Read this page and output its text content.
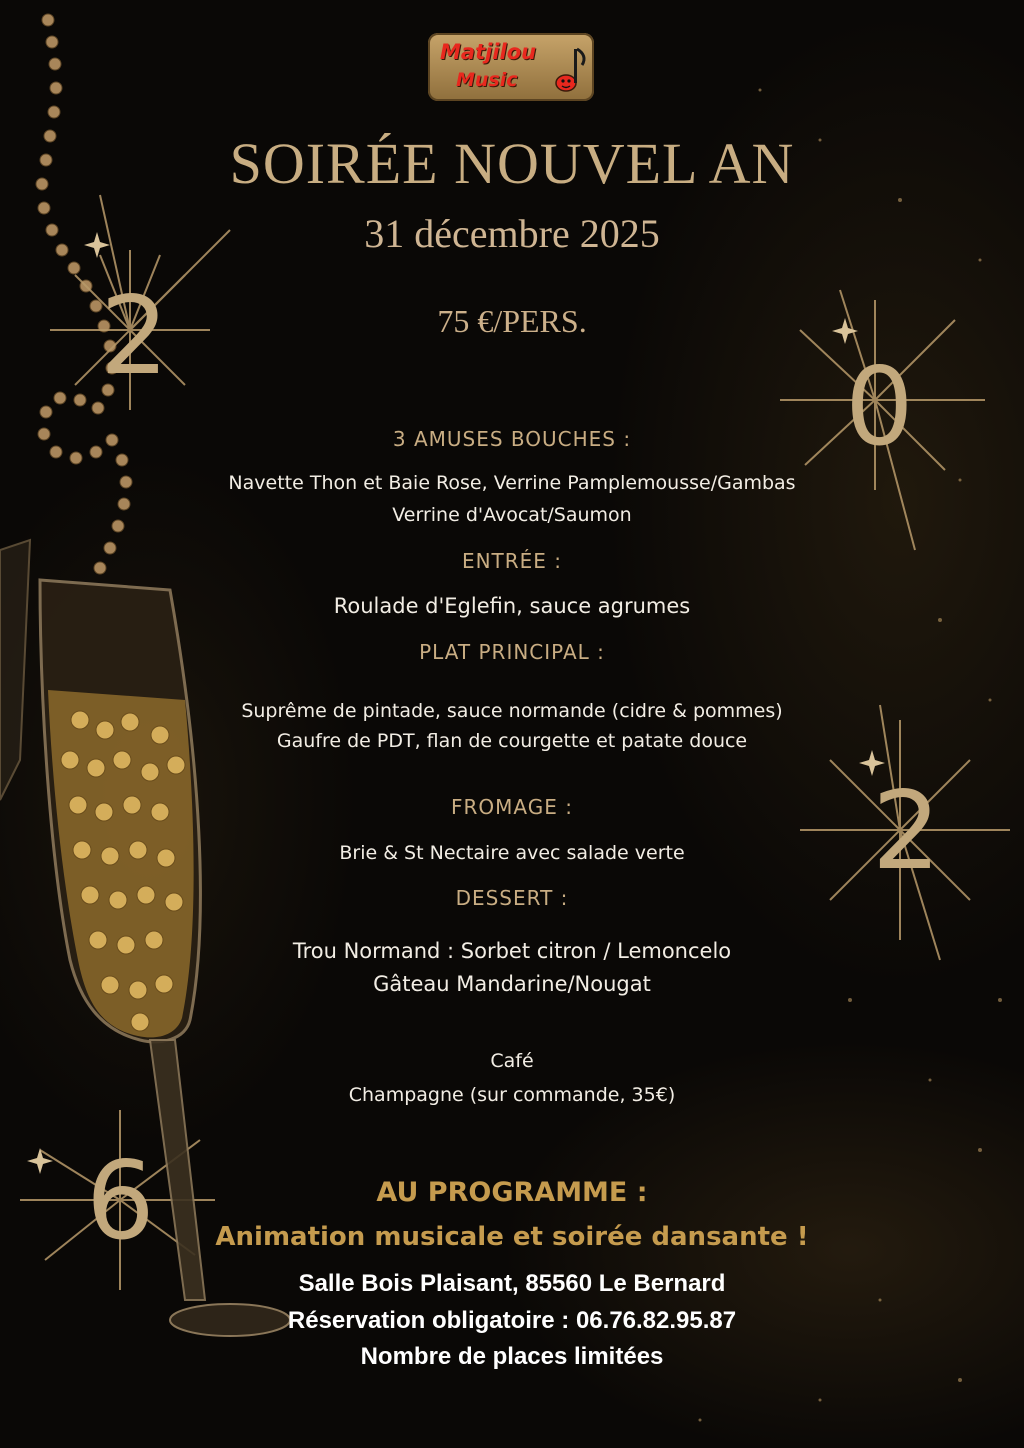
Matjilou
Music
SOIRÉE NOUVEL AN
31 décembre 2025
75 €/PERS.
2
0
2
6
3 AMUSES BOUCHES :
Navette Thon et Baie Rose, Verrine Pamplemousse/Gambas
Verrine d'Avocat/Saumon
ENTRÉE :
Roulade d'Eglefin, sauce agrumes
PLAT PRINCIPAL :
Suprême de pintade, sauce normande (cidre & pommes)
Gaufre de PDT, flan de courgette et patate douce
FROMAGE :
Brie & St Nectaire avec salade verte
DESSERT :
Trou Normand : Sorbet citron / Lemoncelo
Gâteau Mandarine/Nougat
Café
Champagne (sur commande, 35€)
AU PROGRAMME :
Animation musicale et soirée dansante !
Salle Bois Plaisant, 85560 Le Bernard
Réservation obligatoire : 06.76.82.95.87
Nombre de places limitées
